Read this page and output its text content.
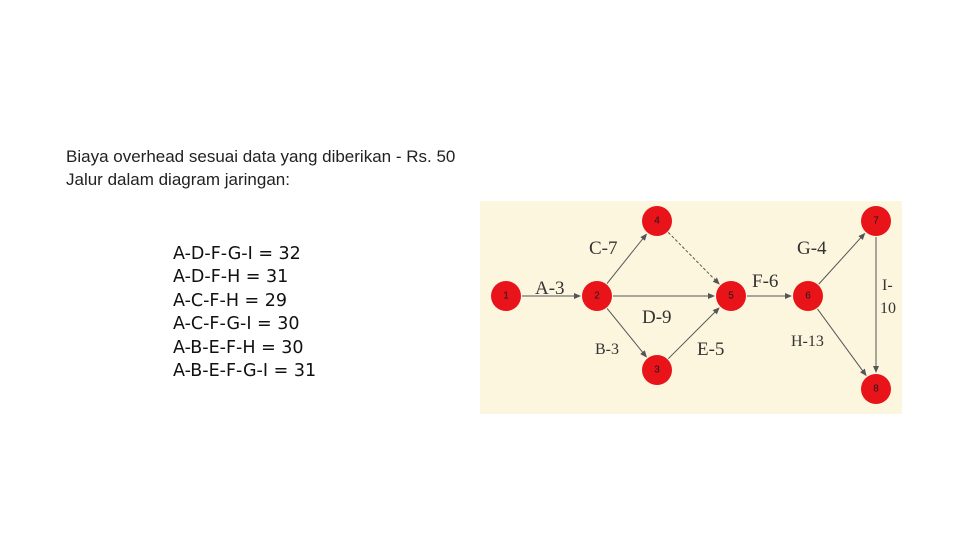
Biaya overhead sesuai data yang diberikan - Rs. 50
Jalur dalam diagram jaringan:
A-D-F-G-I = 32
A-D-F-H = 31
A-C-F-H = 29
A-C-F-G-I = 30
A-B-E-F-H = 30
A-B-E-F-G-I = 31
A-3
C-7
B-3
D-9
E-5
F-6
G-4
H-13
I-
10
1	2
3
4
5	6
7
8
